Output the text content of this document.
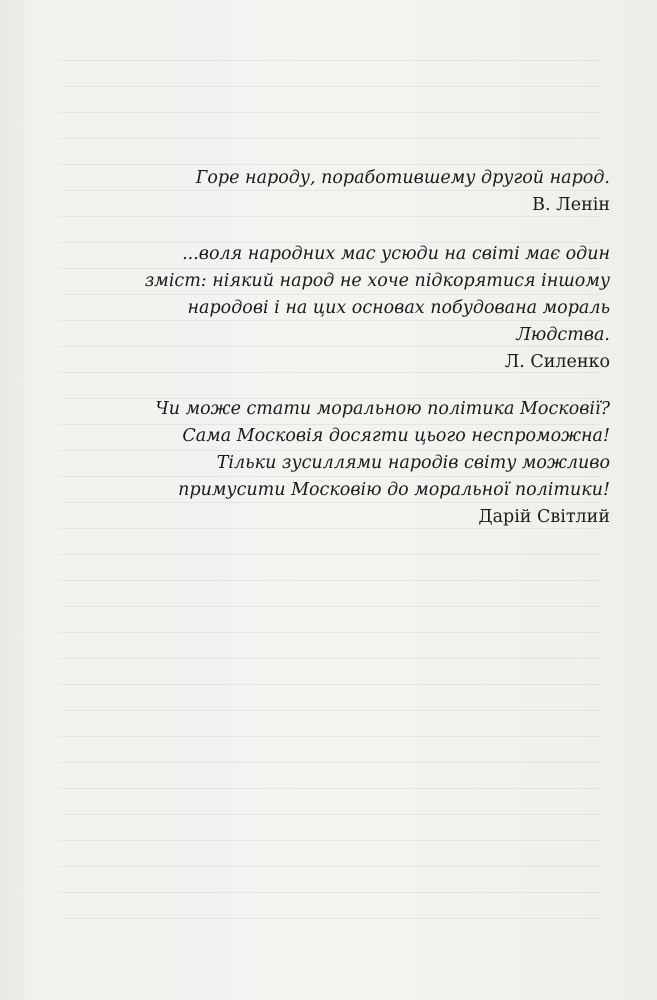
Горе народу, поработившему другой народ.

В. Ленін

...воля народних мас усюди на світі має один

зміст: ніякий народ не хоче підкорятися іншому

народові і на цих основах побудована мораль Людства.

Л. Силенко

Чи може стати моральною політика Московії?

Сама Московія досягти цього неспроможна!

Тільки зусиллями народів світу можливо

примусити Московію до моральної політики!

Дарій Світлий
